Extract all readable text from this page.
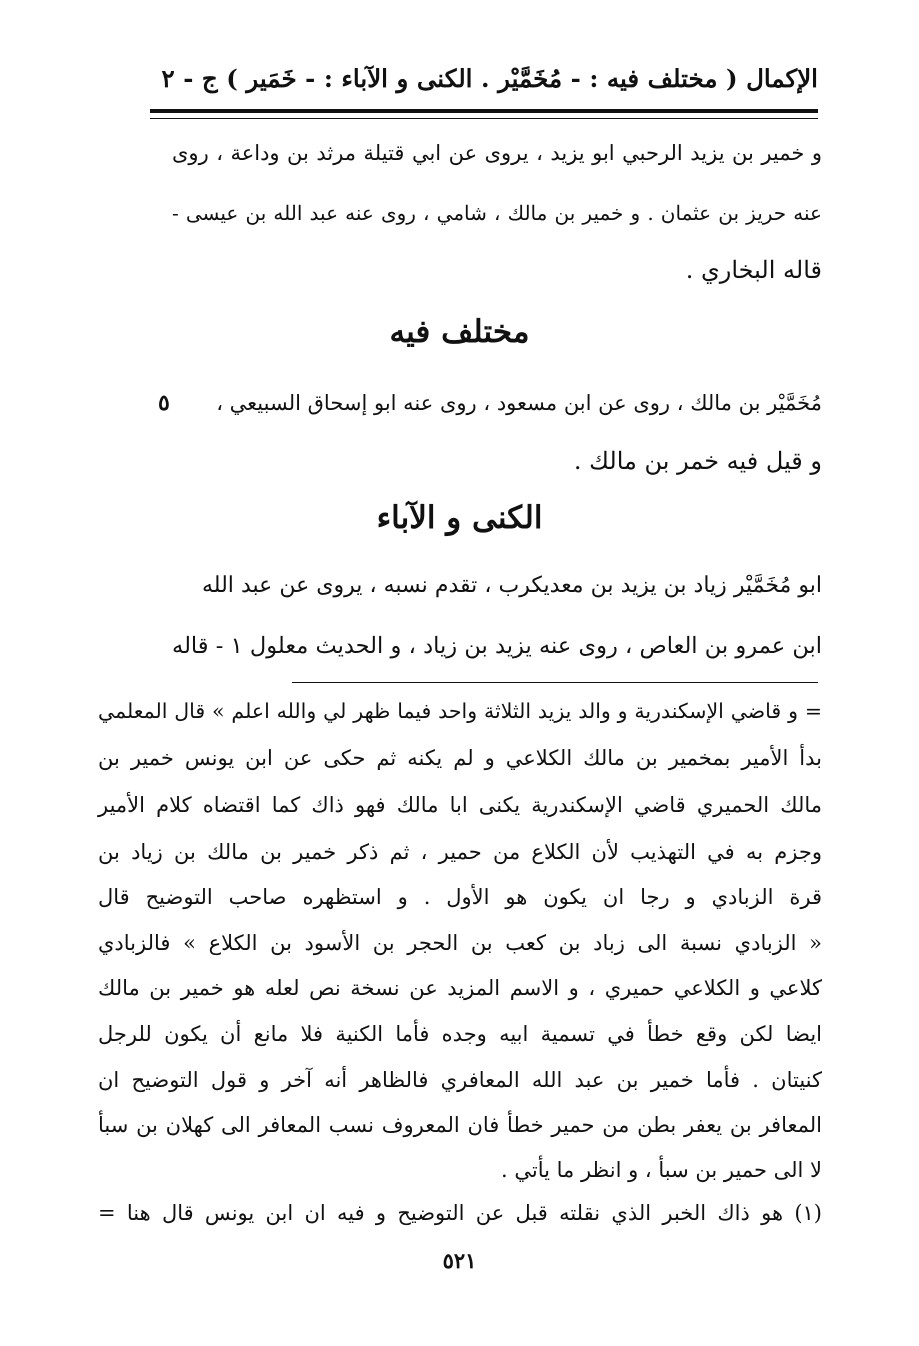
الإكمال ( مختلف فيه : - مُخَمَّيْر . الكنى و الآباء : - خَمَير ) ج - ٢
و خمير بن يزيد الرحبي ابو يزيد ، يروى عن ابي قتيلة مرثد بن وداعة ، روى
عنه حريز بن عثمان . و خمير بن مالك ، شامي ، روى عنه عبد الله بن عيسى -
قاله البخاري .
مختلف فيه
مُخَمَّيْر بن مالك ، روى عن ابن مسعود ، روى عنه ابو إسحاق السبيعي ،
٥
و قيل فيه خمر بن مالك .
الكنى و الآباء
ابو مُخَمَّيْر زياد بن يزيد بن معديكرب ، تقدم نسبه ، يروى عن عبد الله
ابن عمرو بن العاص ، روى عنه يزيد بن زياد ، و الحديث معلول ١ - قاله
= و قاضي الإسكندرية و والد يزيد الثلاثة واحد فيما ظهر لي والله اعلم » قال المعلمي
بدأ الأمير بمخمير بن مالك الكلاعي و لم يكنه ثم حكى عن ابن يونس خمير بن
مالك الحميري قاضي الإسكندرية يكنى ابا مالك فهو ذاك كما اقتضاه كلام الأمير
وجزم به في التهذيب لأن الكلاع من حمير ، ثم ذكر خمير بن مالك بن زياد بن
قرة الزبادي و رجا ان يكون هو الأول . و استظهره صاحب التوضيح قال
« الزبادي نسبة الى زباد بن كعب بن الحجر بن الأسود بن الكلاع » فالزبادي
كلاعي و الكلاعي حميري ، و الاسم المزيد عن نسخة نص لعله هو خمير بن مالك
ايضا لكن وقع خطأ في تسمية ابيه وجده فأما الكنية فلا مانع أن يكون للرجل
كنيتان . فأما خمير بن عبد الله المعافري فالظاهر أنه آخر و قول التوضيح ان
المعافر بن يعفر بطن من حمير خطأ فان المعروف نسب المعافر الى كهلان بن سبأ
لا الى حمير بن سبأ ، و انظر ما يأتي .
(١) هو ذاك الخبر الذي نقلته قبل عن التوضيح و فيه ان ابن يونس قال هنا =
٥٢١
